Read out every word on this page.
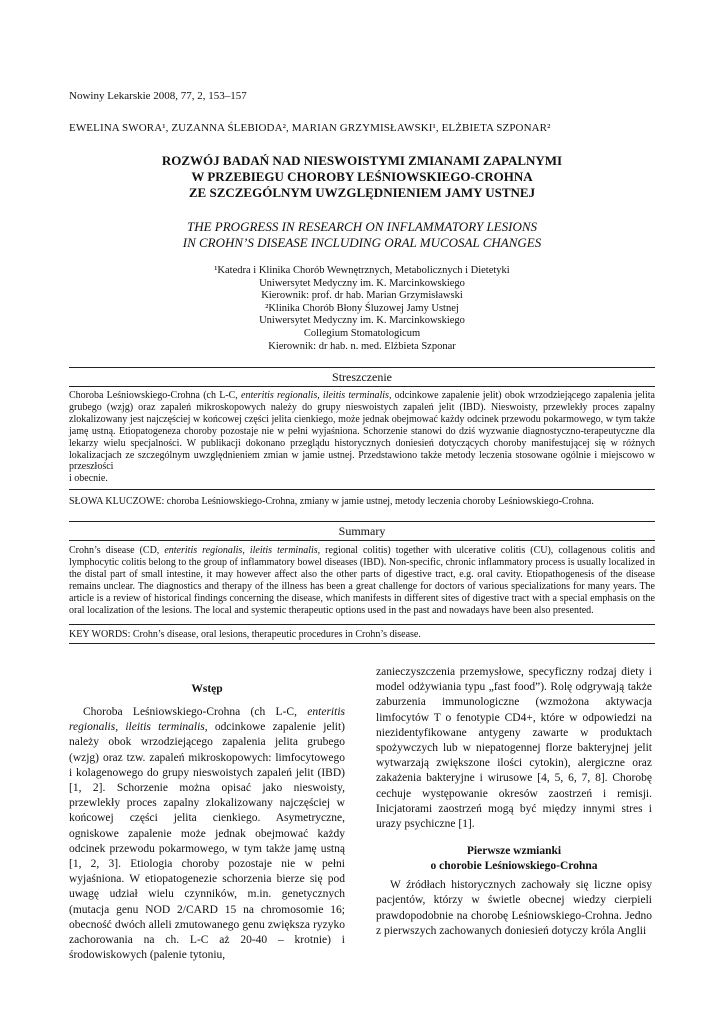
Nowiny Lekarskie 2008, 77, 2, 153–157
EWELINA SWORA¹, ZUZANNA ŚLEBIODA², MARIAN GRZYMISŁAWSKI¹, ELŻBIETA SZPONAR²
ROZWÓJ BADAŃ NAD NIESWOISTYMI ZMIANAMI ZAPALNYMI
W PRZEBIEGU CHOROBY LEŚNIOWSKIEGO-CROHNA
ZE SZCZEGÓLNYM UWZGLĘDNIENIEM JAMY USTNEJ
THE PROGRESS IN RESEARCH ON INFLAMMATORY LESIONS
IN CROHN’S DISEASE INCLUDING ORAL MUCOSAL CHANGES
¹Katedra i Klinika Chorób Wewnętrznych, Metabolicznych i Dietetyki
Uniwersytet Medyczny im. K. Marcinkowskiego
Kierownik: prof. dr hab. Marian Grzymisławski
²Klinika Chorób Błony Śluzowej Jamy Ustnej
Uniwersytet Medyczny im. K. Marcinkowskiego
Collegium Stomatologicum
Kierownik: dr hab. n. med. Elżbieta Szponar
Streszczenie
Choroba Leśniowskiego-Crohna (ch L-C, enteritis regionalis, ileitis terminalis, odcinkowe zapalenie jelit) obok wrzodziejącego zapalenia jelita grubego (wzjg) oraz zapaleń mikroskopowych należy do grupy nieswoistych zapaleń jelit (IBD). Nieswoisty, przewlekły proces zapalny zlokalizowany jest najczęściej w końcowej części jelita cienkiego, może jednak obejmować każdy odcinek przewodu pokarmowego, w tym także jamę ustną. Etiopatogeneza choroby pozostaje nie w pełni wyjaśniona. Schorzenie stanowi do dziś wyzwanie diagnostyczno-terapeutyczne dla lekarzy wielu specjalności. W publikacji dokonano przeglądu historycznych doniesień dotyczących choroby manifestującej się w różnych lokalizacjach ze szczególnym uwzględnieniem zmian w jamie ustnej. Przedstawiono także metody leczenia stosowane ogólnie i miejscowo w przeszłości
i obecnie.
SŁOWA KLUCZOWE: choroba Leśniowskiego-Crohna, zmiany w jamie ustnej, metody leczenia choroby Leśniowskiego-Crohna.
Summary
Crohn’s disease (CD, enteritis regionalis, ileitis terminalis, regional colitis) together with ulcerative colitis (CU), collagenous colitis and lymphocytic colitis belong to the group of inflammatory bowel diseases (IBD). Non-specific, chronic inflammatory process is usually localized in the distal part of small intestine, it may however affect also the other parts of digestive tract, e.g. oral cavity. Etiopathogenesis of the disease remains unclear. The diagnostics and therapy of the illness has been a great challenge for doctors of various specializations for many years. The article is a review of historical findings concerning the disease, which manifests in different sites of digestive tract with a special emphasis on the oral localization of the lesions. The local and systemic therapeutic options used in the past and nowadays have been also presented.
KEY WORDS: Crohn’s disease, oral lesions, therapeutic procedures in Crohn’s disease.
Wstęp

Choroba Leśniowskiego-Crohna (ch L-C, enteritis regionalis, ileitis terminalis, odcinkowe zapalenie jelit) należy obok wrzodziejącego zapalenia jelita grubego (wzjg) oraz tzw. zapaleń mikroskopowych: limfocytowego i kolagenowego do grupy nieswoistych zapaleń jelit (IBD) [1, 2]. Schorzenie można opisać jako nieswoisty, przewlekły proces zapalny zlokalizowany najczęściej w końcowej części jelita cienkiego. Asymetryczne, ogniskowe zapalenie może jednak obejmować każdy odcinek przewodu pokarmowego, w tym także jamę ustną [1, 2, 3]. Etiologia choroby pozostaje nie w pełni wyjaśniona. W etiopatogenezie schorzenia bierze się pod uwagę udział wielu czynników, m.in. genetycznych (mutacja genu NOD 2/CARD 15 na chromosomie 16; obecność dwóch alleli zmutowanego genu zwiększa ryzyko zachorowania na ch. L-C aż 20-40 – krotnie) i środowiskowych (palenie tytoniu,

zanieczyszczenia przemysłowe, specyficzny rodzaj diety i model odżywiania typu „fast food”). Rolę odgrywają także zaburzenia immunologiczne (wzmożona aktywacja limfocytów T o fenotypie CD4+, które w odpowiedzi na niezidentyfikowane antygeny zawarte w produktach spożywczych lub w niepatogennej florze bakteryjnej jelit wytwarzają zwiększone ilości cytokin), alergiczne oraz zakażenia bakteryjne i wirusowe [4, 5, 6, 7, 8]. Chorobę cechuje występowanie okresów zaostrzeń i remisji. Inicjatorami zaostrzeń mogą być między innymi stres i urazy psychiczne [1].

Pierwsze wzmianki
o chorobie Leśniowskiego-Crohna

W źródłach historycznych zachowały się liczne opisy pacjentów, którzy w świetle obecnej wiedzy cierpieli prawdopodobnie na chorobę Leśniowskiego-Crohna. Jedno z pierwszych zachowanych doniesień dotyczy króla Anglii
